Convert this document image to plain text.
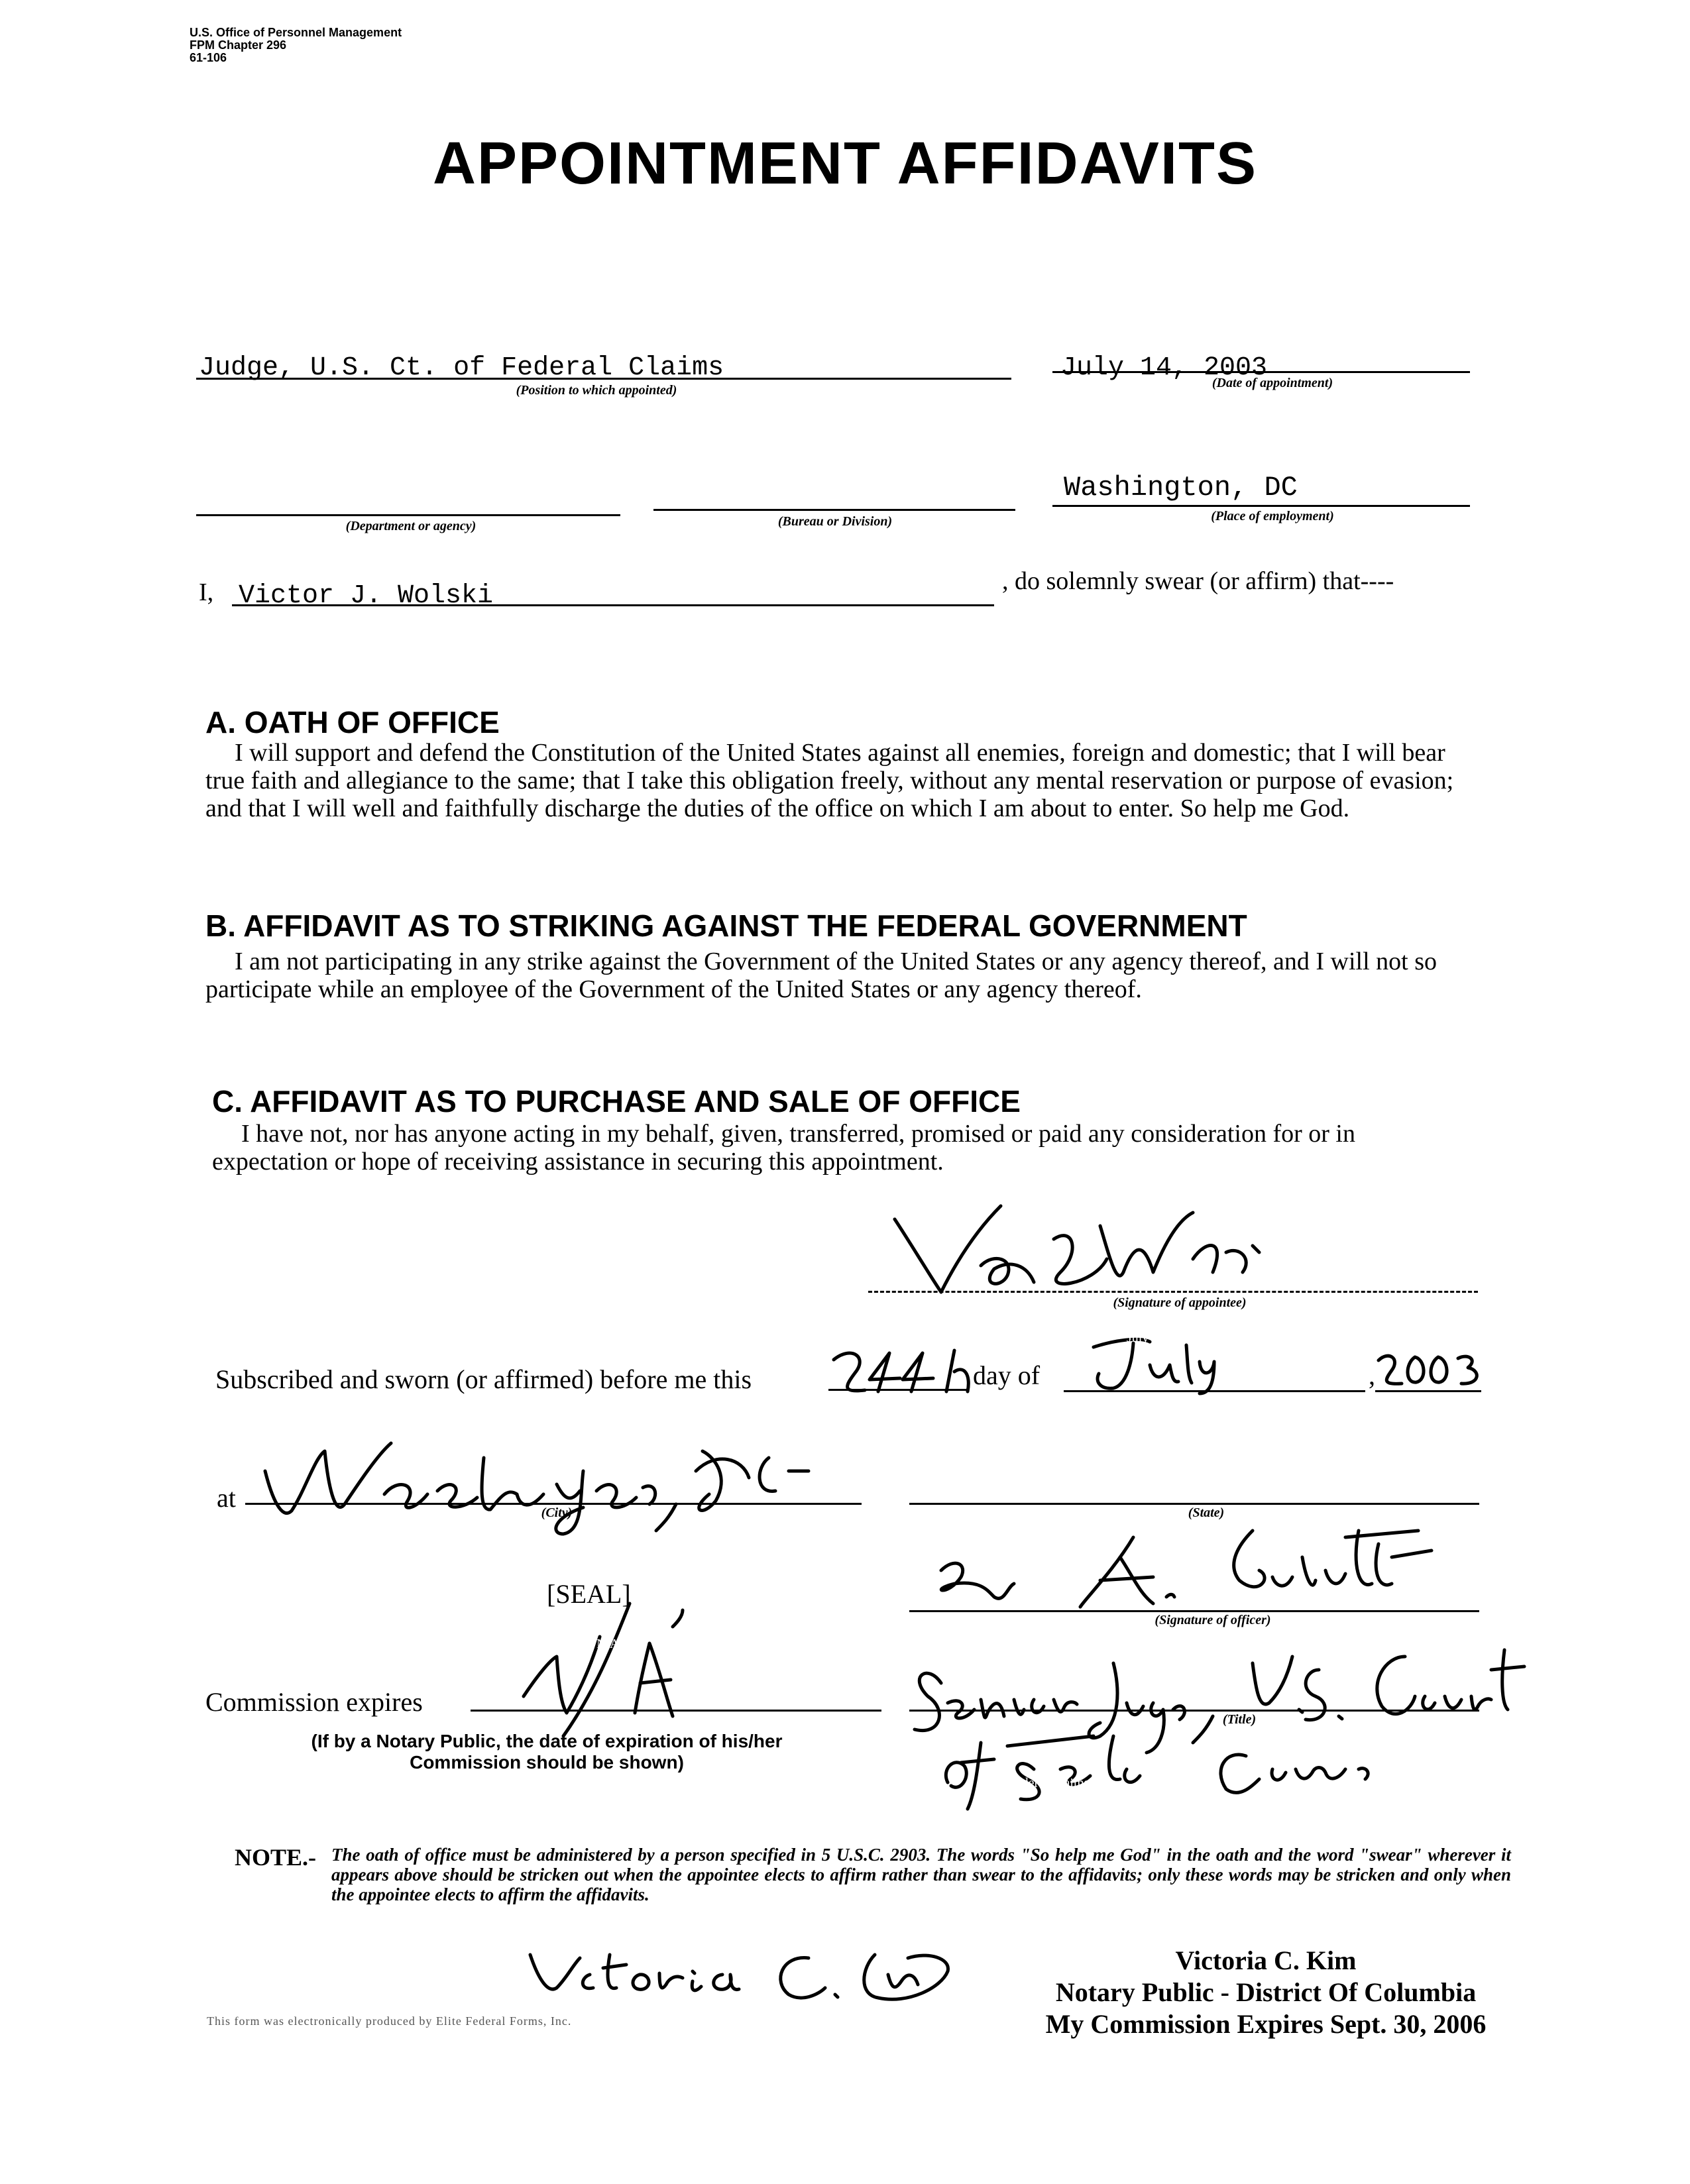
U.S. Office of Personnel Management
FPM Chapter 296
61-106
APPOINTMENT AFFIDAVITS
Judge, U.S. Ct. of Federal Claims
(Position to which appointed)
July 14, 2003
(Date of appointment)
(Department or agency)	(Bureau or Division)
Washington, DC
(Place of employment)
I, Victor J. Wolski	, do solemnly swear (or affirm) that----
A. OATH OF OFFICE

I will support and defend the Constitution of the United States against all enemies, foreign and domestic; that I will bear true faith and allegiance to the same; that I take this obligation freely, without any mental reservation or purpose of evasion; and that I will well and faithfully discharge the duties of the office on which I am about to enter. So help me God.

B. AFFIDAVIT AS TO STRIKING AGAINST THE FEDERAL GOVERNMENT

I am not participating in any strike against the Government of the United States or any agency thereof, and I will not so participate while an employee of the Government of the United States or any agency thereof.

C. AFFIDAVIT AS TO PURCHASE AND SALE OF OFFICE

I have not, nor has anyone acting in my behalf, given, transferred, promised or paid any consideration for or in expectation or hope of receiving assistance in securing this appointment.

(Signature of appointee)
Subscribed and sworn (or affirmed) before me this
24th
day of
July
,
2003
at
Washington, D.C.
(City)	(State)
[SEAL]
(Signature of officer)
Commission expires
N/A
(If by a Notary Public, the date of expiration of his/her
Commission should be shown)
Senior Judge, U.S. Court
of Federal Claims
(Title)
NOTE.- The oath of office must be administered by a person specified in 5 U.S.C. 2903. The words "So help me God" in the oath and the word "swear" wherever it appears above should be stricken out when the appointee elects to affirm rather than swear to the affidavits; only these words may be stricken and only when the appointee elects to affirm the affidavits.
Victoria C. Kim
Notary Public - District Of Columbia
My Commission Expires Sept. 30, 2006
This form was electronically produced by Elite Federal Forms, Inc.
